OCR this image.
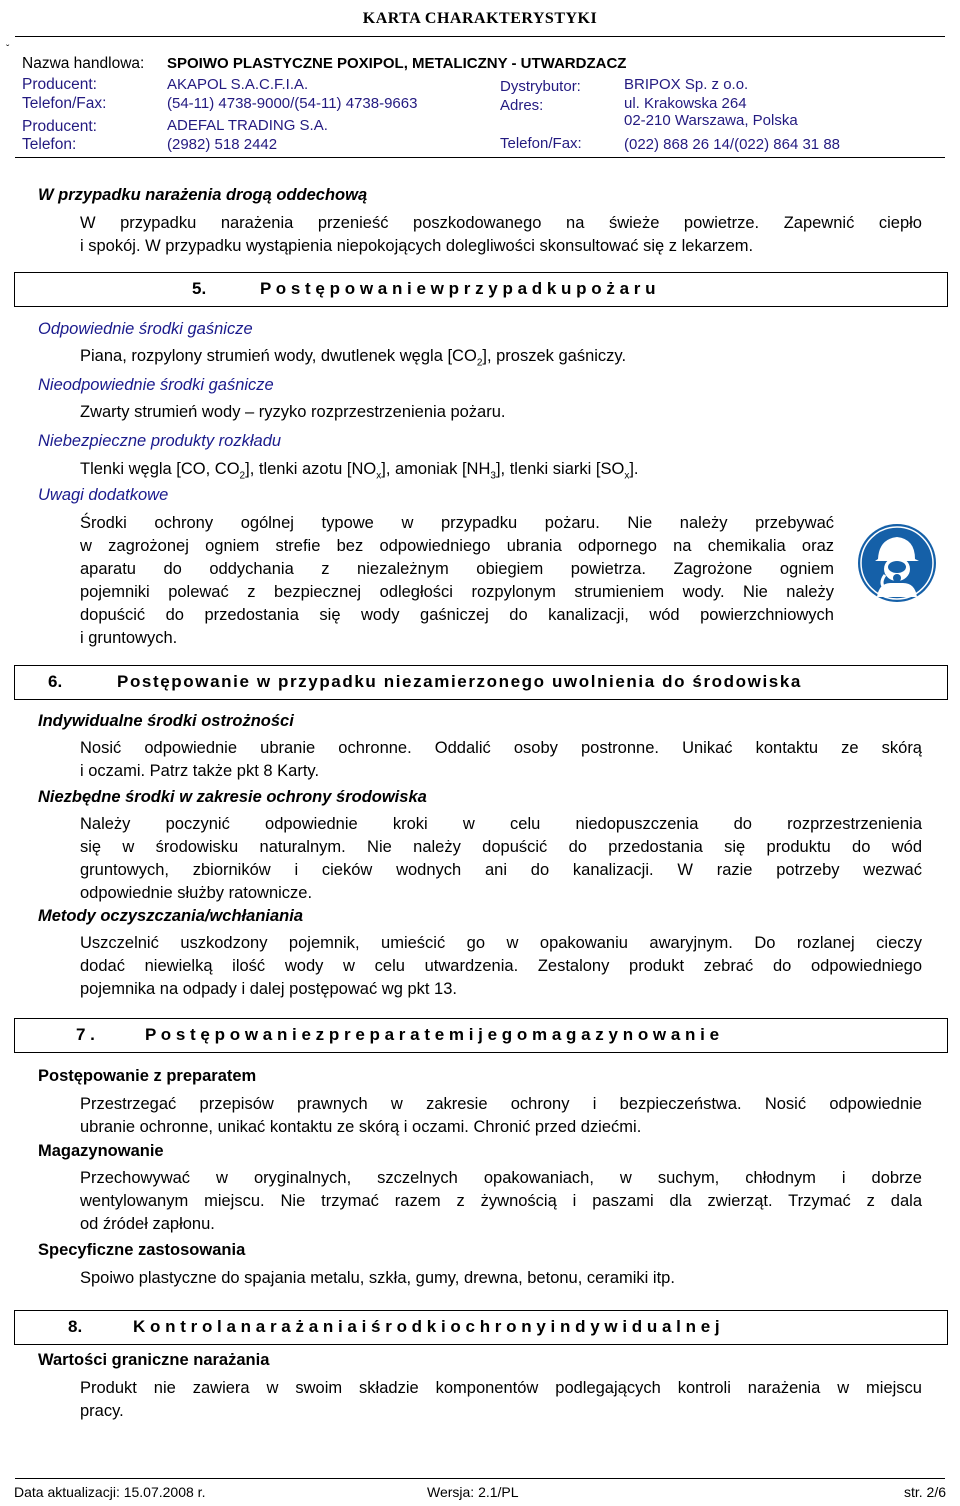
KARTA CHARAKTERYSTYKI
ˇ
Nazwa handlowa: SPOIWO PLASTYCZNE POXIPOL, METALICZNY - UTWARDZACZ
Producent:	AKAPOL S.A.C.F.I.A.	Dystrybutor:	BRIPOX Sp. z o.o.
Telefon/Fax:	(54-11) 4738-9000/(54-11) 4738-9663	Adres:	ul. Krakowska 264
02-210 Warszawa, Polska
Producent:	ADEFAL TRADING S.A.
Telefon:	(2982) 518 2442	Telefon/Fax:	(022) 868 26 14/(022) 864 31 88
W przypadku narażenia drogą oddechową
W przypadku narażenia przenieść poszkodowanego na świeże powietrze. Zapewnić ciepło
i spokój. W przypadku wystąpienia niepokojących dolegliwości skonsultować się z lekarzem.
5.	P o s t ę p o w a n i e w p r z y p a d k u p o ż a r u
Odpowiednie środki gaśnicze
Piana, rozpylony strumień wody, dwutlenek węgla $[CO_2]$, proszek gaśniczy.
Nieodpowiednie środki gaśnicze
Zwarty strumień wody – ryzyko rozprzestrzenienia pożaru.
Niebezpieczne produkty rozkładu
Tlenki węgla [CO, $CO_2$], tlenki azotu $[NO_x]$, amoniak $[NH_3]$, tlenki siarki $[SO_x]$.
Uwagi dodatkowe
Środki ochrony ogólnej typowe w przypadku pożaru. Nie należy przebywać
w zagrożonej ogniem strefie bez odpowiedniego ubrania odpornego na chemikalia oraz
aparatu do oddychania z niezależnym obiegiem powietrza. Zagrożone ogniem
pojemniki polewać z bezpiecznej odległości rozpylonym strumieniem wody. Nie należy
dopuścić do przedostania się wody gaśniczej do kanalizacji, wód powierzchniowych
i gruntowych.
6.	Postępowanie w przypadku niezamierzonego uwolnienia do środowiska
Indywidualne środki ostrożności
Nosić odpowiednie ubranie ochronne. Oddalić osoby postronne. Unikać kontaktu ze skórą
i oczami. Patrz także pkt 8 Karty.
Niezbędne środki w zakresie ochrony środowiska
Należy poczynić odpowiednie kroki w celu niedopuszczenia do rozprzestrzenienia
się w środowisku naturalnym. Nie należy dopuścić do przedostania się produktu do wód
gruntowych, zbiorników i cieków wodnych ani do kanalizacji. W razie potrzeby wezwać
odpowiednie służby ratownicze.
Metody oczyszczania/wchłaniania
Uszczelnić uszkodzony pojemnik, umieścić go w opakowaniu awaryjnym. Do rozlanej cieczy
dodać niewielką ilość wody w celu utwardzenia. Zestalony produkt zebrać do odpowiedniego
pojemnika na odpady i dalej postępować wg pkt 13.
7 .	P o s t ę p o w a n i e z p r e p a r a t e m i j e g o m a g a z y n o w a n i e
Postępowanie z preparatem
Przestrzegać przepisów prawnych w zakresie ochrony i bezpieczeństwa. Nosić odpowiednie
ubranie ochronne, unikać kontaktu ze skórą i oczami. Chronić przed dziećmi.
Magazynowanie
Przechowywać w oryginalnych, szczelnych opakowaniach, w suchym, chłodnym i dobrze
wentylowanym miejscu. Nie trzymać razem z żywnością i paszami dla zwierząt. Trzymać z dala
od źródeł zapłonu.
Specyficzne zastosowania
Spoiwo plastyczne do spajania metalu, szkła, gumy, drewna, betonu, ceramiki itp.
8.	K o n t r o l a n a r a ż a n i a i ś r o d k i o c h r o n y i n d y w i d u a l n e j
Wartości graniczne narażania
Produkt nie zawiera w swoim składzie komponentów podlegających kontroli narażenia w miejscu
pracy.
Data aktualizacji: 15.07.2008 r.	Wersja: 2.1/PL	str. 2/6
